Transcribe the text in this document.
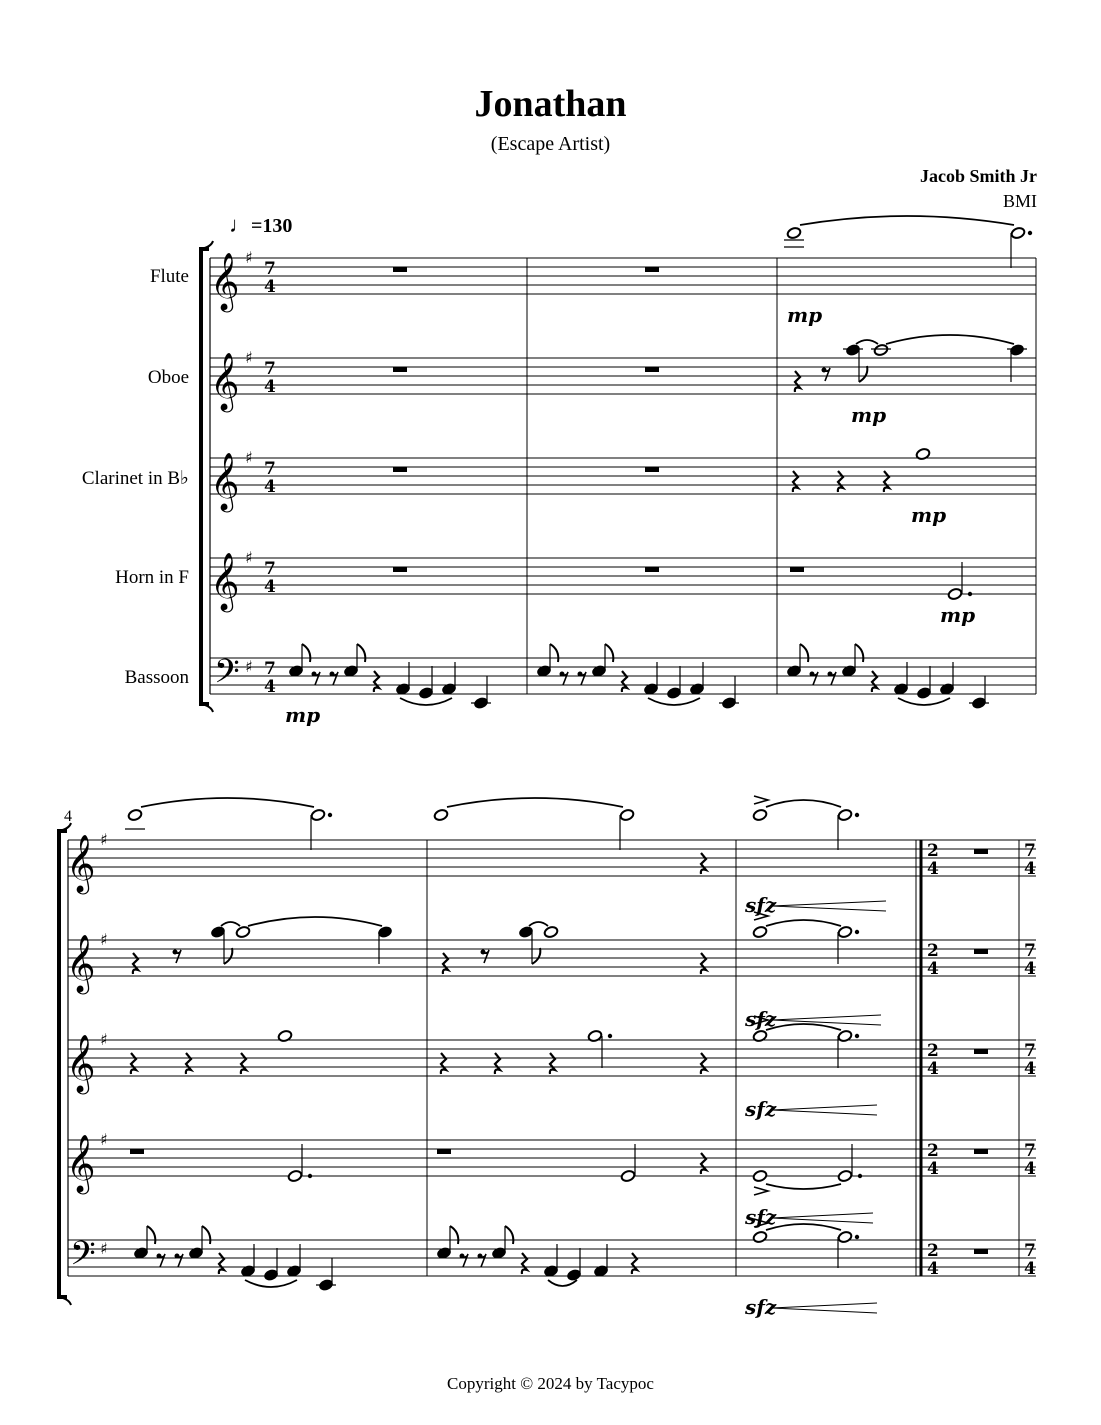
Jonathan
(Escape Artist)
Jacob Smith Jr
BMI
♩=130
Flute
Oboe
Clarinet in B♭
Horn in F
Bassoon
4
𝄞 ♯
7
4
𝄞 ♯
7
4
𝄞 ♯
7
4
𝄞 ♯
7
4
𝄢 ♯ 7
4
mp
mp
mp
mp
mp
𝄞 ♯
2
4
7
4
𝄞 ♯
2
4
7
4
𝄞 ♯
2
4
7
4
𝄞 ♯
2
4
7
4
𝄢 ♯	2
4
7
4
sfz
sfz
sfz
sfz
sfz
Copyright © 2024 by Tacypoc
